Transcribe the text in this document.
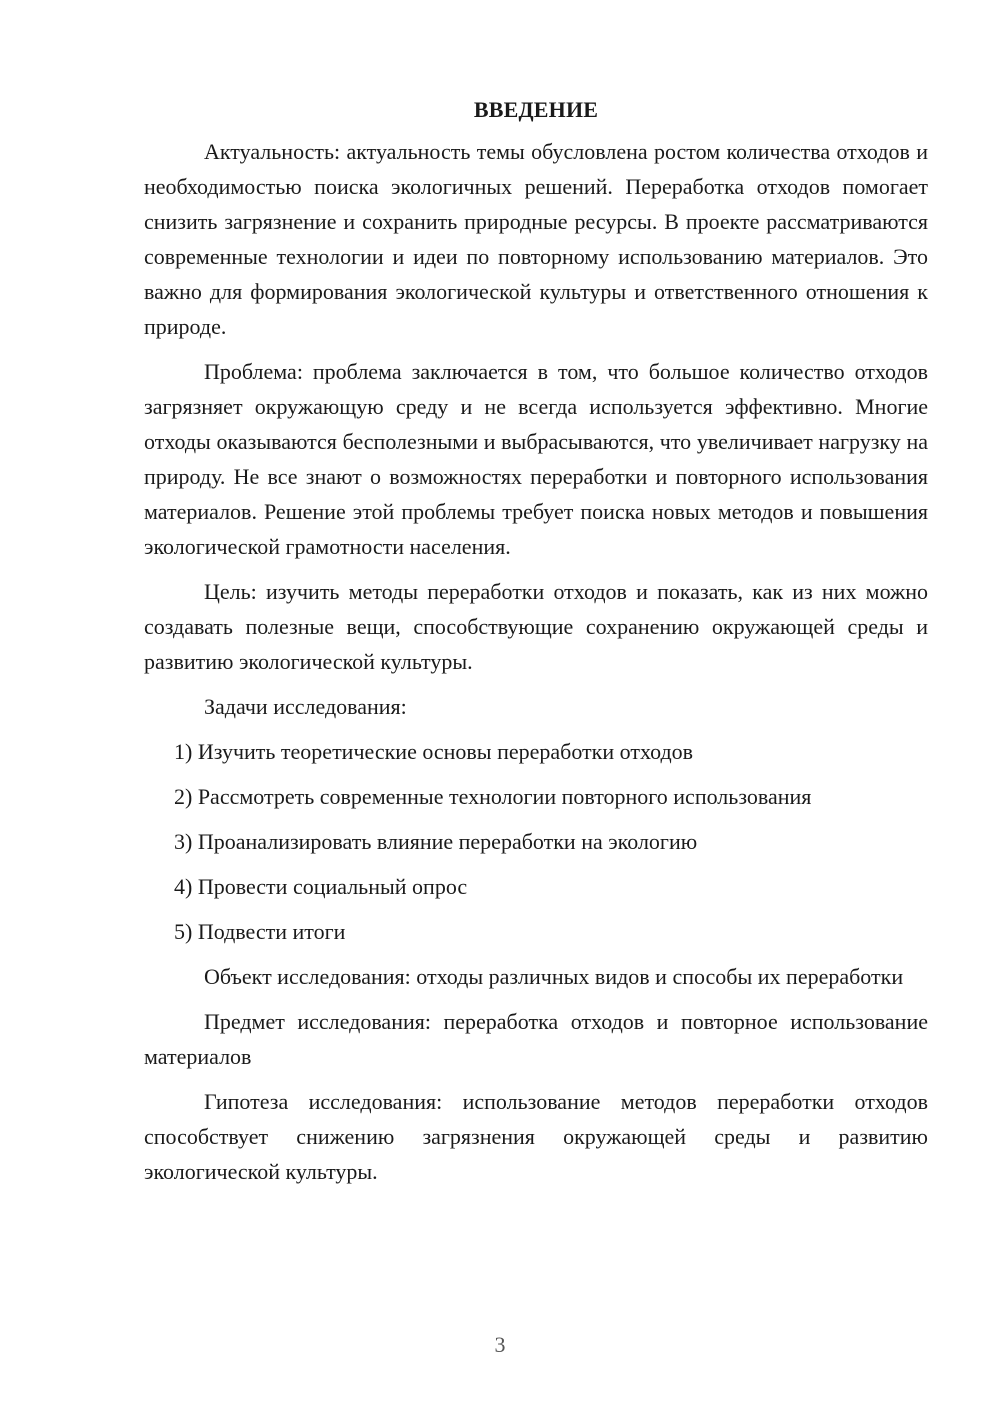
ВВЕДЕНИЕ

Актуальность: актуальность темы обусловлена ростом количества отходов и необходимостью поиска экологичных решений. Переработка отходов помогает снизить загрязнение и сохранить природные ресурсы. В проекте рассматриваются современные технологии и идеи по повторному использованию материалов. Это важно для формирования экологической культуры и ответственного отношения к природе.

Проблема: проблема заключается в том, что большое количество отходов загрязняет окружающую среду и не всегда используется эффективно. Многие отходы оказываются бесполезными и выбрасываются, что увеличивает нагрузку на природу. Не все знают о возможностях переработки и повторного использования материалов. Решение этой проблемы требует поиска новых методов и повышения экологической грамотности населения.

Цель: изучить методы переработки отходов и показать, как из них можно создавать полезные вещи, способствующие сохранению окружающей среды и развитию экологической культуры.

Задачи исследования:

1) Изучить теоретические основы переработки отходов
2) Рассмотреть современные технологии повторного использования
3) Проанализировать влияние переработки на экологию
4) Провести социальный опрос
5) Подвести итоги

Объект исследования: отходы различных видов и способы их переработки

Предмет исследования: переработка отходов и повторное использование материалов

Гипотеза исследования: использование методов переработки отходов способствует снижению загрязнения окружающей среды и развитию экологической культуры.

3
